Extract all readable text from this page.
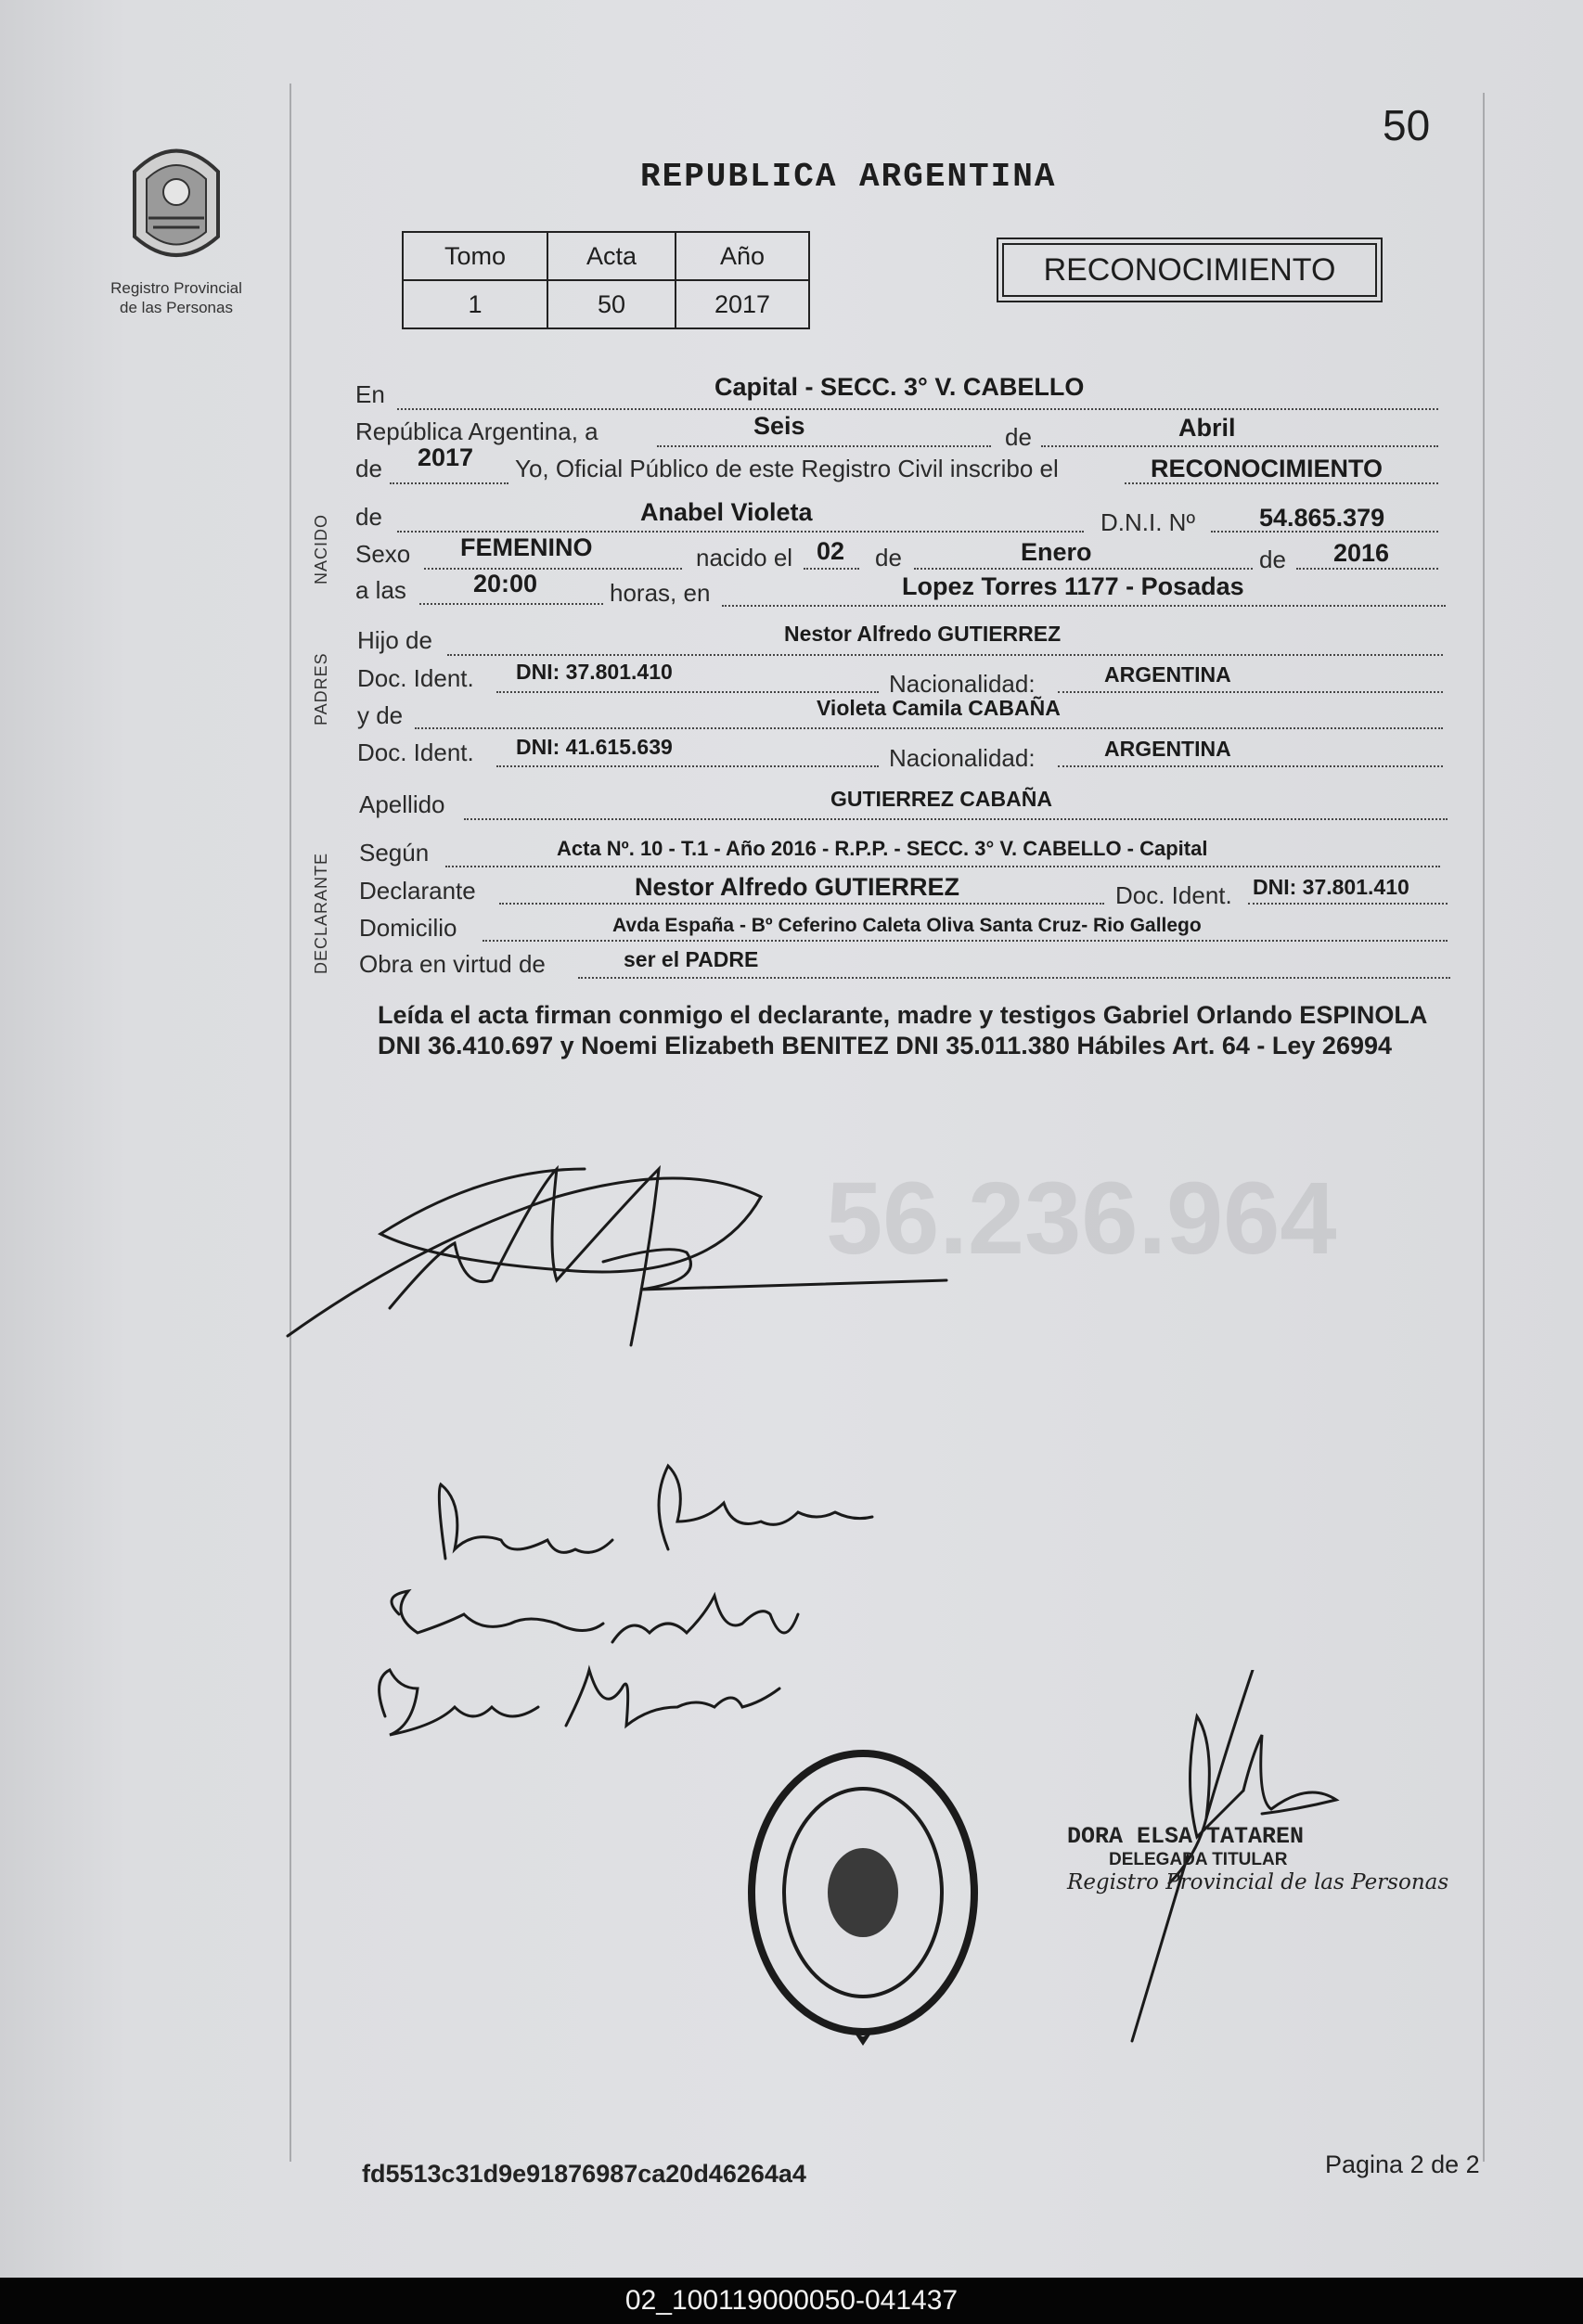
56.236.964
50
Registro Provincial
de las Personas
REPUBLICA ARGENTINA
Tomo	Acta	Año
1	50	2017
RECONOCIMIENTO
NACIDO
PADRES
DECLARANTE
En	Capital - SECC. 3° V. CABELLO
República Argentina, a	Seis	de	Abril
de 2017 Yo, Oficial Público de este Registro Civil inscribo el	RECONOCIMIENTO
de	Anabel Violeta	D.N.I. Nº	54.865.379
Sexo FEMENINO	nacido el 02 de	Enero	de 2016
a las	20:00	horas, en	Lopez Torres 1177 - Posadas
Hijo de	Nestor Alfredo GUTIERREZ
Doc. Ident. DNI: 37.801.410	Nacionalidad:	ARGENTINA
y de	Violeta Camila CABAÑA
Doc. Ident. DNI: 41.615.639	Nacionalidad:	ARGENTINA
Apellido	GUTIERREZ CABAÑA
Según	Acta Nº. 10 - T.1 - Año 2016 - R.P.P. - SECC. 3° V. CABELLO - Capital
Declarante	Nestor Alfredo GUTIERREZ	Doc. Ident. DNI: 37.801.410
Domicilio	Avda España - Bº Ceferino Caleta Oliva Santa Cruz- Rio Gallego
Obra en virtud de	ser el PADRE
Leída el acta firman conmigo el declarante, madre y testigos Gabriel Orlando ESPINOLA DNI 36.410.697 y Noemi Elizabeth BENITEZ DNI 35.011.380 Hábiles Art. 64 - Ley 26994
DORA ELSA TATAREN
DELEGADA TITULAR
Registro Provincial de las Personas
fd5513c31d9e91876987ca20d46264a4	Pagina 2 de 2
02_100119000050-041437
